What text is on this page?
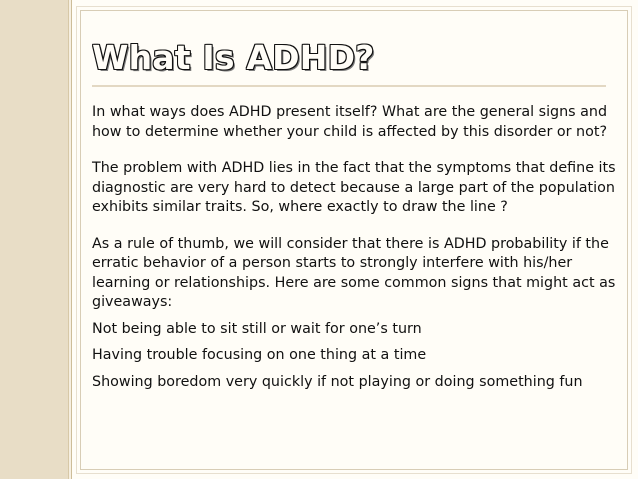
What Is ADHD?

In what ways does ADHD present itself? What are the general signs and how to determine whether your child is affected by this disorder or not?

The problem with ADHD lies in the fact that the symptoms that define its diagnostic are very hard to detect because a large part of the population exhibits similar traits. So, where exactly to draw the line ?

As a rule of thumb, we will consider that there is ADHD probability if the erratic behavior of a person starts to strongly interfere with his/her learning or relationships. Here are some common signs that might act as giveaways:

Not being able to sit still or wait for one’s turn
Having trouble focusing on one thing at a time
Showing boredom very quickly if not playing or doing something fun
